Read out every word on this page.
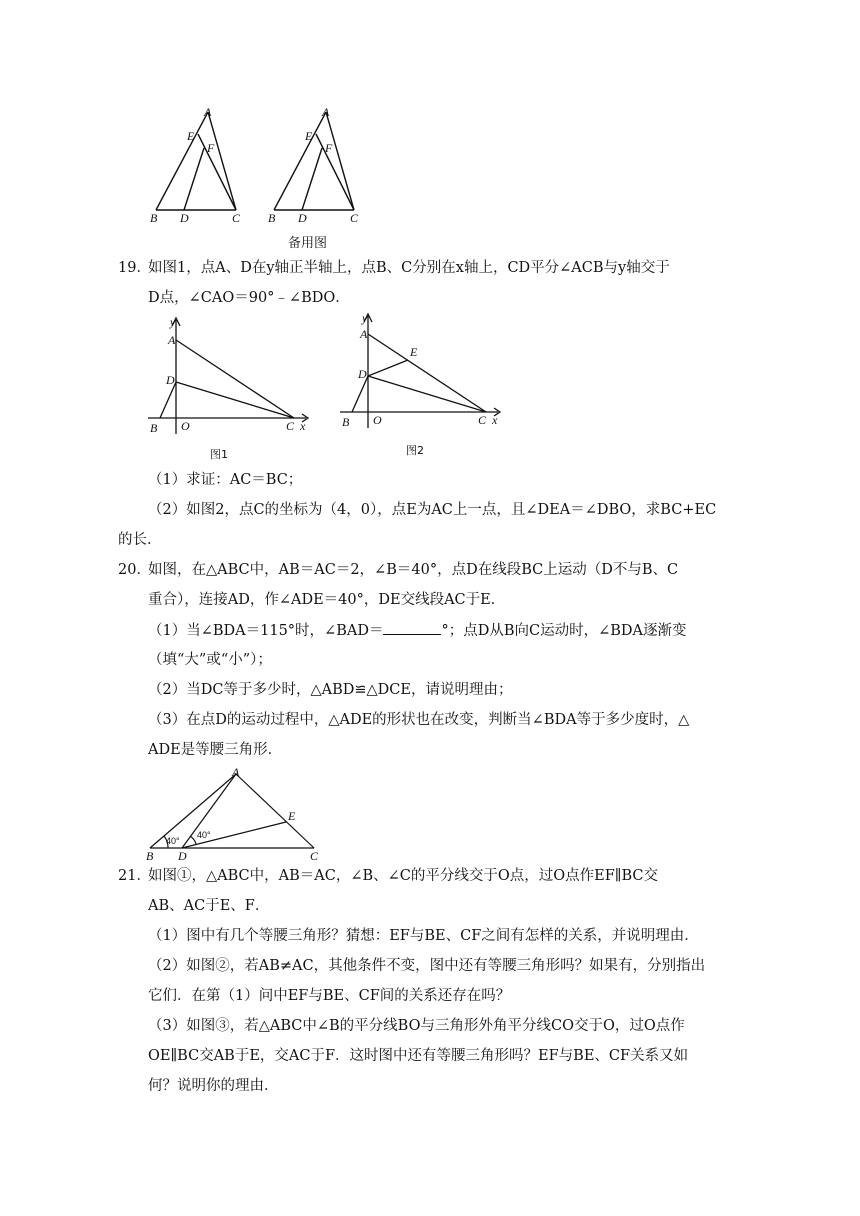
A
E
F
B D	C
A
E
F
B D	C
备用图
19．
如图1，点A、D在y轴正半轴上，点B、C分别在x轴上，CD平分∠ACB与y轴交于
D点，∠CAO＝90°﹣∠BDO．
y
A
D
B O	C x
图1
y
A
E
D
B O	C x
图2
（1）求证：AC＝BC；
（2）如图2，点C的坐标为（4，0），点E为AC上一点，且∠DEA＝∠DBO，求BC+EC
的长．
20．
如图，在△ABC中，AB＝AC＝2，∠B＝40°，点D在线段BC上运动（D不与B、C
重合），连接AD，作∠ADE＝40°，DE交线段AC于E．
（1）当∠BDA＝115°时，∠BAD＝	°；点D从B向C运动时，∠BDA逐渐变
（填“大”或“小”）；
（2）当DC等于多少时，△ABD≌△DCE，请说明理由；
（3）在点D的运动过程中，△ADE的形状也在改变，判断当∠BDA等于多少度时，△
ADE是等腰三角形．
A
E
B D	C
40°
40°
21．
如图①，△ABC中，AB＝AC，∠B、∠C的平分线交于O点，过O点作EF∥BC交
AB、AC于E、F．
（1）图中有几个等腰三角形？猜想：EF与BE、CF之间有怎样的关系，并说明理由．
（2）如图②，若AB≠AC，其他条件不变，图中还有等腰三角形吗？如果有，分别指出
它们．在第（1）问中EF与BE、CF间的关系还存在吗？
（3）如图③，若△ABC中∠B的平分线BO与三角形外角平分线CO交于O，过O点作
OE∥BC交AB于E，交AC于F．这时图中还有等腰三角形吗？EF与BE、CF关系又如
何？说明你的理由．
